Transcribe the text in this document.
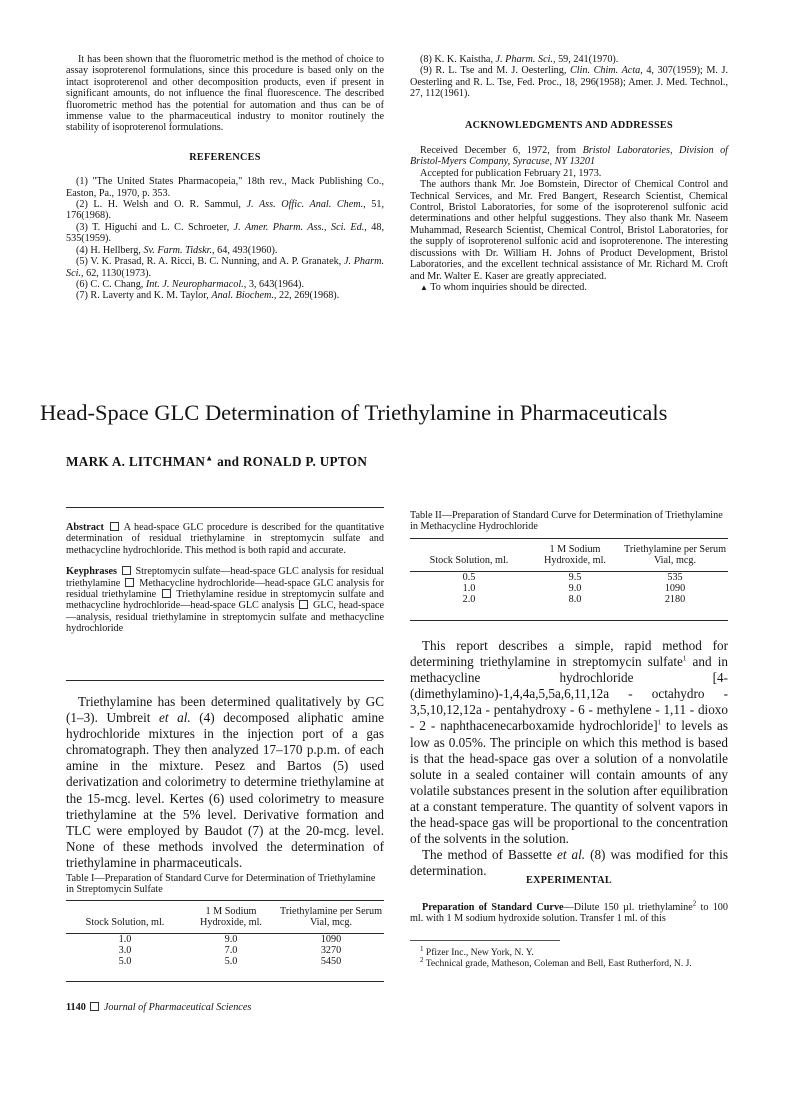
It has been shown that the fluorometric method is the method of choice to assay isoproterenol formulations, since this procedure is based only on the intact isoproterenol and other decomposition products, even if present in significant amounts, do not influence the final fluorescence. The described fluorometric method has the potential for automation and thus can be of immense value to the pharmaceutical industry to monitor routinely the stability of isoproterenol formulations.

REFERENCES

(1) "The United States Pharmacopeia," 18th rev., Mack Publishing Co., Easton, Pa., 1970, p. 353.

(2) L. H. Welsh and O. R. Sammul, J. Ass. Offic. Anal. Chem., 51, 176(1968).

(3) T. Higuchi and L. C. Schroeter, J. Amer. Pharm. Ass., Sci. Ed., 48, 535(1959).

(4) H. Hellberg, Sv. Farm. Tidskr., 64, 493(1960).

(5) V. K. Prasad, R. A. Ricci, B. C. Nunning, and A. P. Granatek, J. Pharm. Sci., 62, 1130(1973).

(6) C. C. Chang, Int. J. Neuropharmacol., 3, 643(1964).

(7) R. Laverty and K. M. Taylor, Anal. Biochem., 22, 269(1968).

(8) K. K. Kaistha, J. Pharm. Sci., 59, 241(1970).

(9) R. L. Tse and M. J. Oesterling, Clin. Chim. Acta, 4, 307(1959); M. J. Oesterling and R. L. Tse, Fed. Proc., 18, 296(1958); Amer. J. Med. Technol., 27, 112(1961).

ACKNOWLEDGMENTS AND ADDRESSES

Received December 6, 1972, from Bristol Laboratories, Division of Bristol-Myers Company, Syracuse, NY 13201

Accepted for publication February 21, 1973.

The authors thank Mr. Joe Bomstein, Director of Chemical Control and Technical Services, and Mr. Fred Bangert, Research Scientist, Chemical Control, Bristol Laboratories, for some of the isoproterenol sulfonic acid determinations and other helpful suggestions. They also thank Mr. Naseem Muhammad, Research Scientist, Chemical Control, Bristol Laboratories, for the supply of isoproterenol sulfonic acid and isoproterenone. The interesting discussions with Dr. William H. Johns of Product Development, Bristol Laboratories, and the excellent technical assistance of Mr. Richard M. Croft and Mr. Walter E. Kaser are greatly appreciated.

▲ To whom inquiries should be directed.

Head-Space GLC Determination of Triethylamine in Pharmaceuticals
MARK A. LITCHMAN▲ and RONALD P. UPTON

Abstract A head-space GLC procedure is described for the quantitative determination of residual triethylamine in streptomycin sulfate and methacycline hydrochloride. This method is both rapid and accurate.

Keyphrases Streptomycin sulfate—head-space GLC analysis for residual triethylamine Methacycline hydrochloride—head-space GLC analysis for residual triethylamine Triethylamine residue in streptomycin sulfate and methacycline hydrochloride—head-space GLC analysis GLC, head-space—analysis, residual triethylamine in streptomycin sulfate and methacycline hydrochloride

Triethylamine has been determined qualitatively by GC (1–3). Umbreit et al. (4) decomposed aliphatic amine hydrochloride mixtures in the injection port of a gas chromatograph. They then analyzed 17–170 p.p.m. of each amine in the mixture. Pesez and Bartos (5) used derivatization and colorimetry to determine triethylamine at the 15-mcg. level. Kertes (6) used colorimetry to measure triethylamine at the 5% level. Derivative formation and TLC were employed by Baudot (7) at the 20-mcg. level. None of these methods involved the determination of triethylamine in pharmaceuticals.

Table I—Preparation of Standard Curve for Determination of Triethylamine in Streptomycin Sulfate
Stock Solution, ml.	1 M Sodium Hydroxide, ml.	Triethylamine per Serum Vial, mcg.

1.0	9.0	1090
3.0	7.0	3270
5.0	5.0	5450
Table II—Preparation of Standard Curve for Determination of Triethylamine in Methacycline Hydrochloride
Stock Solution, ml.	1 M Sodium Hydroxide, ml.	Triethylamine per Serum Vial, mcg.

0.5	9.5	535
1.0	9.0	1090
2.0	8.0	2180

This report describes a simple, rapid method for determining triethylamine in streptomycin sulfate$^1$ and in methacycline hydrochloride [4-(dimethylamino)-1,4,4a,5,5a,6,11,12a - octahydro - 3,5,10,12,12a - pentahydroxy - 6 - methylene - 1,11 - dioxo - 2 - naphthacenecarboxamide hydrochloride]$^1$ to levels as low as 0.05%. The principle on which this method is based is that the head-space gas over a solution of a nonvolatile solute in a sealed container will contain amounts of any volatile substances present in the solution after equilibration at a constant temperature. The quantity of solvent vapors in the head-space gas will be proportional to the concentration of the solvents in the solution.

The method of Bassette et al. (8) was modified for this determination.

EXPERIMENTAL

Preparation of Standard Curve—Dilute 150 µl. triethylamine$^2$ to 100 ml. with 1 M sodium hydroxide solution. Transfer 1 ml. of this

$^1$ Pfizer Inc., New York, N. Y.

$^2$ Technical grade, Matheson, Coleman and Bell, East Rutherford, N. J.

1140 Journal of Pharmaceutical Sciences
